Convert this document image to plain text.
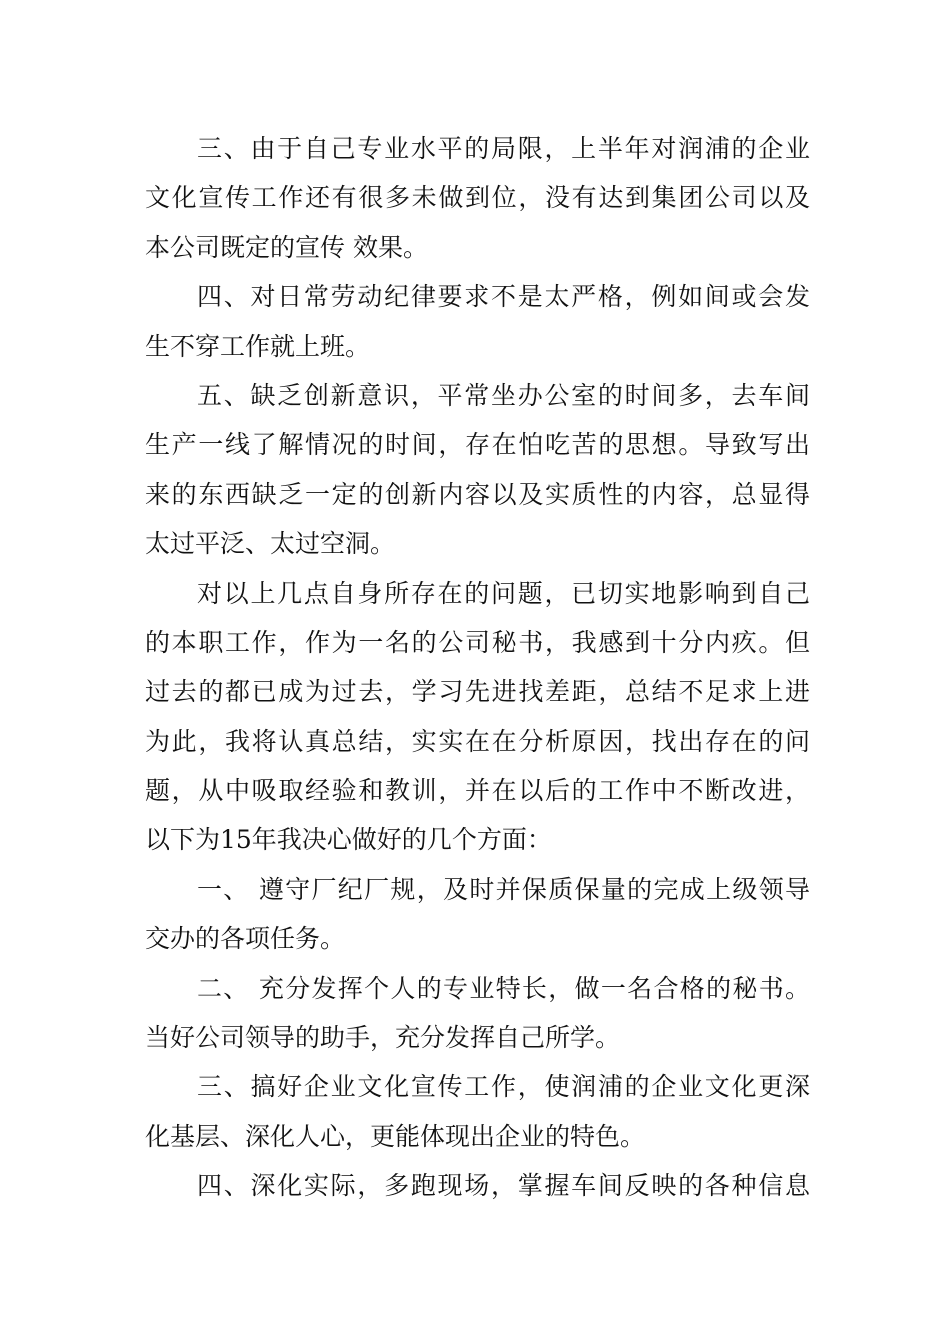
三、由于自己专业水平的局限，上半年对润浦的企业
文化宣传工作还有很多未做到位，没有达到集团公司以及
本公司既定的宣传 效果。
四、对日常劳动纪律要求不是太严格，例如间或会发
生不穿工作就上班。
五、缺乏创新意识，平常坐办公室的时间多，去车间
生产一线了解情况的时间，存在怕吃苦的思想。导致写出
来的东西缺乏一定的创新内容以及实质性的内容，总显得
太过平泛、太过空洞。
对以上几点自身所存在的问题，已切实地影响到自己
的本职工作，作为一名的公司秘书，我感到十分内疚。但
过去的都已成为过去，学习先进找差距，总结不足求上进
为此，我将认真总结，实实在在分析原因，找出存在的问
题，从中吸取经验和教训，并在以后的工作中不断改进，
以下为15年我决心做好的几个方面：
一、 遵守厂纪厂规，及时并保质保量的完成上级领导
交办的各项任务。
二、 充分发挥个人的专业特长，做一名合格的秘书。
当好公司领导的助手，充分发挥自己所学。
三、搞好企业文化宣传工作，使润浦的企业文化更深
化基层、深化人心，更能体现出企业的特色。
四、深化实际，多跑现场，掌握车间反映的各种信息
